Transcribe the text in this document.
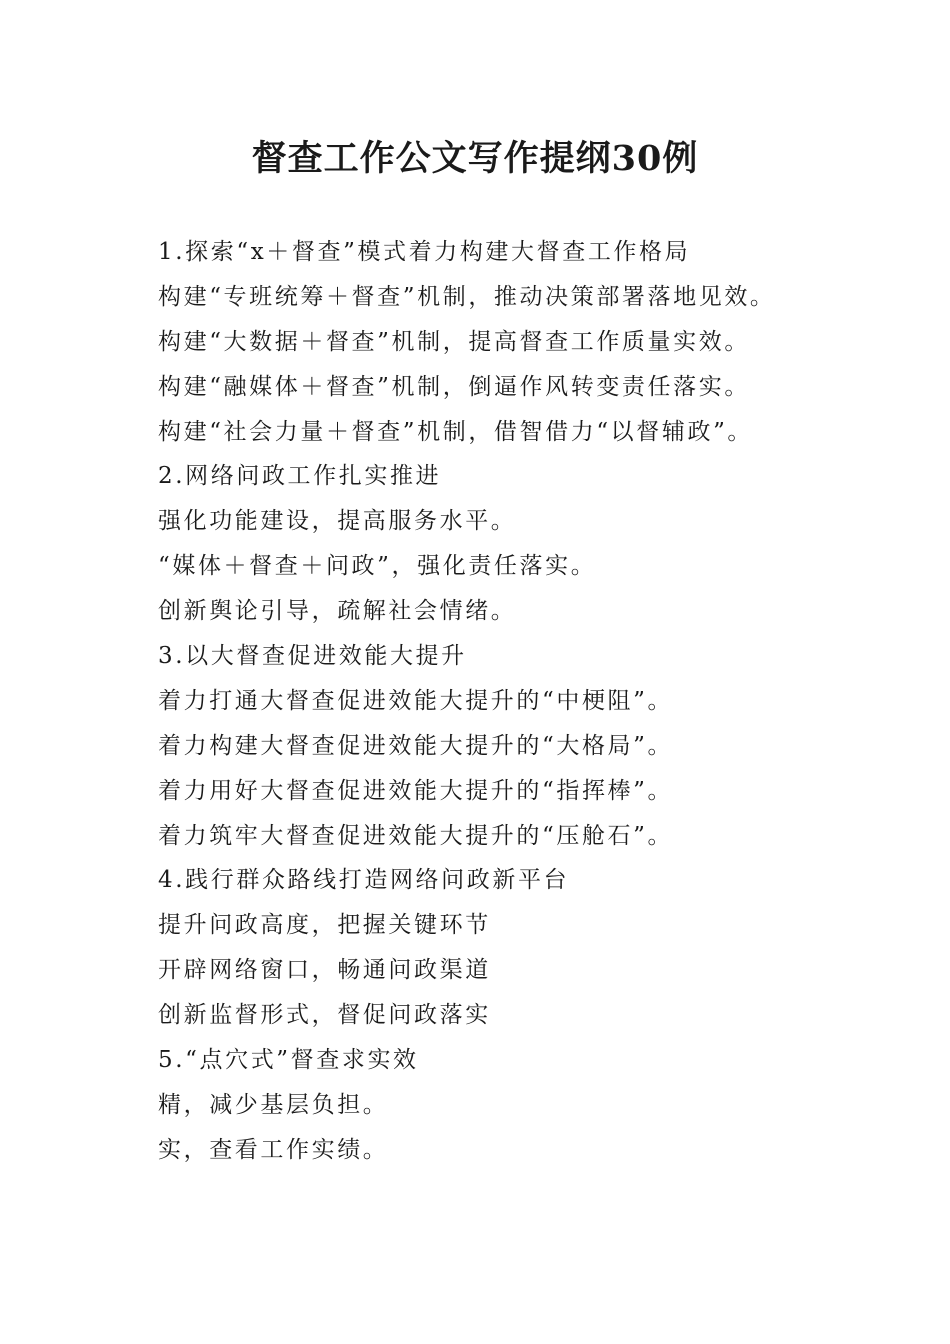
督查工作公文写作提纲30例
1.探索“x＋督查”模式着力构建大督查工作格局
构建“专班统筹＋督查”机制，推动决策部署落地见效。
构建“大数据＋督查”机制，提高督查工作质量实效。
构建“融媒体＋督查”机制，倒逼作风转变责任落实。
构建“社会力量＋督查”机制，借智借力“以督辅政”。
2.网络问政工作扎实推进
强化功能建设，提高服务水平。
“媒体＋督查＋问政”，强化责任落实。
创新舆论引导，疏解社会情绪。
3.以大督查促进效能大提升
着力打通大督查促进效能大提升的“中梗阻”。
着力构建大督查促进效能大提升的“大格局”。
着力用好大督查促进效能大提升的“指挥棒”。
着力筑牢大督查促进效能大提升的“压舱石”。
4.践行群众路线打造网络问政新平台
提升问政高度，把握关键环节
开辟网络窗口，畅通问政渠道
创新监督形式，督促问政落实
5.“点穴式”督查求实效
精，减少基层负担。
实，查看工作实绩。
